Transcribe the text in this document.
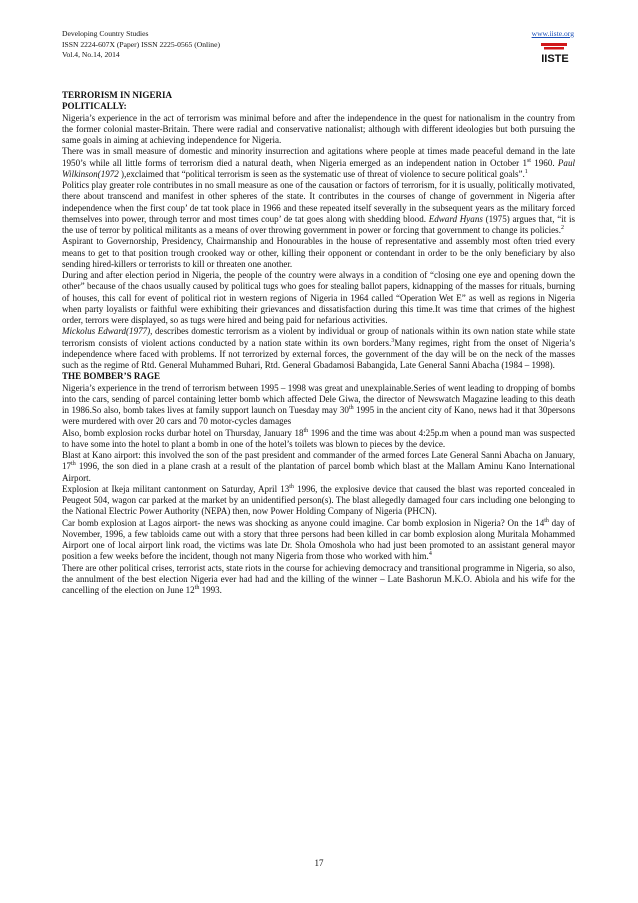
Developing Country Studies
ISSN 2224-607X (Paper) ISSN 2225-0565 (Online)
Vol.4, No.14, 2014
www.iiste.org
IISTE

TERRORISM IN NIGERIA

POLITICALLY:

Nigeria’s experience in the act of terrorism was minimal before and after the independence in the quest for nationalism in the country from the former colonial master-Britain. There were radial and conservative nationalist; although with different ideologies but both pursuing the same goals in aiming at achieving independence for Nigeria.

There was in small measure of domestic and minority insurrection and agitations where people at times made peaceful demand in the late 1950’s while all little forms of terrorism died a natural death, when Nigeria emerged as an independent nation in October 1st 1960. Paul Wilkinson(1972 ),exclaimed that “political terrorism is seen as the systematic use of threat of violence to secure political goals”.$^1$

Politics play greater role contributes in no small measure as one of the causation or factors of terrorism, for it is usually, politically motivated, there about transcend and manifest in other spheres of the state. It contributes in the courses of change of government in Nigeria after independence when the first coup’ de tat took place in 1966 and these repeated itself severally in the subsequent years as the military forced themselves into power, through terror and most times coup’ de tat goes along with shedding blood. Edward Hyans (1975) argues that, “it is the use of terror by political militants as a means of over throwing government in power or forcing that government to change its policies.$^2$

Aspirant to Governorship, Presidency, Chairmanship and Honourables in the house of representative and assembly most often tried every means to get to that position trough crooked way or other, killing their opponent or contendant in order to be the only beneficiary by also sending hired-killers or terrorists to kill or threaten one another.

During and after election period in Nigeria, the people of the country were always in a condition of “closing one eye and opening down the other” because of the chaos usually caused by political tugs who goes for stealing ballot papers, kidnapping of the masses for rituals, burning of houses, this call for event of political riot in western regions of Nigeria in 1964 called “Operation Wet E” as well as regions in Nigeria when party loyalists or faithful were exhibiting their grievances and dissatisfaction during this time.It was time that crimes of the highest order, terrors were displayed, so as tugs were hired and being paid for nefarious activities.

Mickolus Edward(1977), describes domestic terrorism as a violent by individual or group of nationals within its own nation state while state terrorism consists of violent actions conducted by a nation state within its own borders.$^3$Many regimes, right from the onset of Nigeria’s independence where faced with problems. If not terrorized by external forces, the government of the day will be on the neck of the masses such as the regime of Rtd. General Muhammed Buhari, Rtd. General Gbadamosi Babangida, Late General Sanni Abacha (1984 – 1998).

THE BOMBER’S RAGE

Nigeria’s experience in the trend of terrorism between 1995 – 1998 was great and unexplainable.Series of went leading to dropping of bombs into the cars, sending of parcel containing letter bomb which affected Dele Giwa, the director of Newswatch Magazine leading to this death in 1986.So also, bomb takes lives at family support launch on Tuesday may 30th 1995 in the ancient city of Kano, news had it that 30persons were murdered with over 20 cars and 70 motor-cycles damages

Also, bomb explosion rocks durbar hotel on Thursday, January 18th 1996 and the time was about 4:25p.m when a pound man was suspected to have some into the hotel to plant a bomb in one of the hotel’s toilets was blown to pieces by the device.

Blast at Kano airport: this involved the son of the past president and commander of the armed forces Late General Sanni Abacha on January, 17th 1996, the son died in a plane crash at a result of the plantation of parcel bomb which blast at the Mallam Aminu Kano International Airport.

Explosion at Ikeja militant cantonment on Saturday, April 13th 1996, the explosive device that caused the blast was reported concealed in Peugeot 504, wagon car parked at the market by an unidentified person(s). The blast allegedly damaged four cars including one belonging to the National Electric Power Authority (NEPA) then, now Power Holding Company of Nigeria (PHCN).

Car bomb explosion at Lagos airport- the news was shocking as anyone could imagine. Car bomb explosion in Nigeria? On the 14th day of November, 1996, a few tabloids came out with a story that three persons had been killed in car bomb explosion along Muritala Mohammed Airport one of local airport link road, the victims was late Dr. Shola Omoshola who had just been promoted to an assistant general mayor position a few weeks before the incident, though not many Nigeria from those who worked with him.$^4$

There are other political crises, terrorist acts, state riots in the course for achieving democracy and transitional programme in Nigeria, so also, the annulment of the best election Nigeria ever had had and the killing of the winner – Late Bashorun M.K.O. Abiola and his wife for the cancelling of the election on June 12th 1993.

17
